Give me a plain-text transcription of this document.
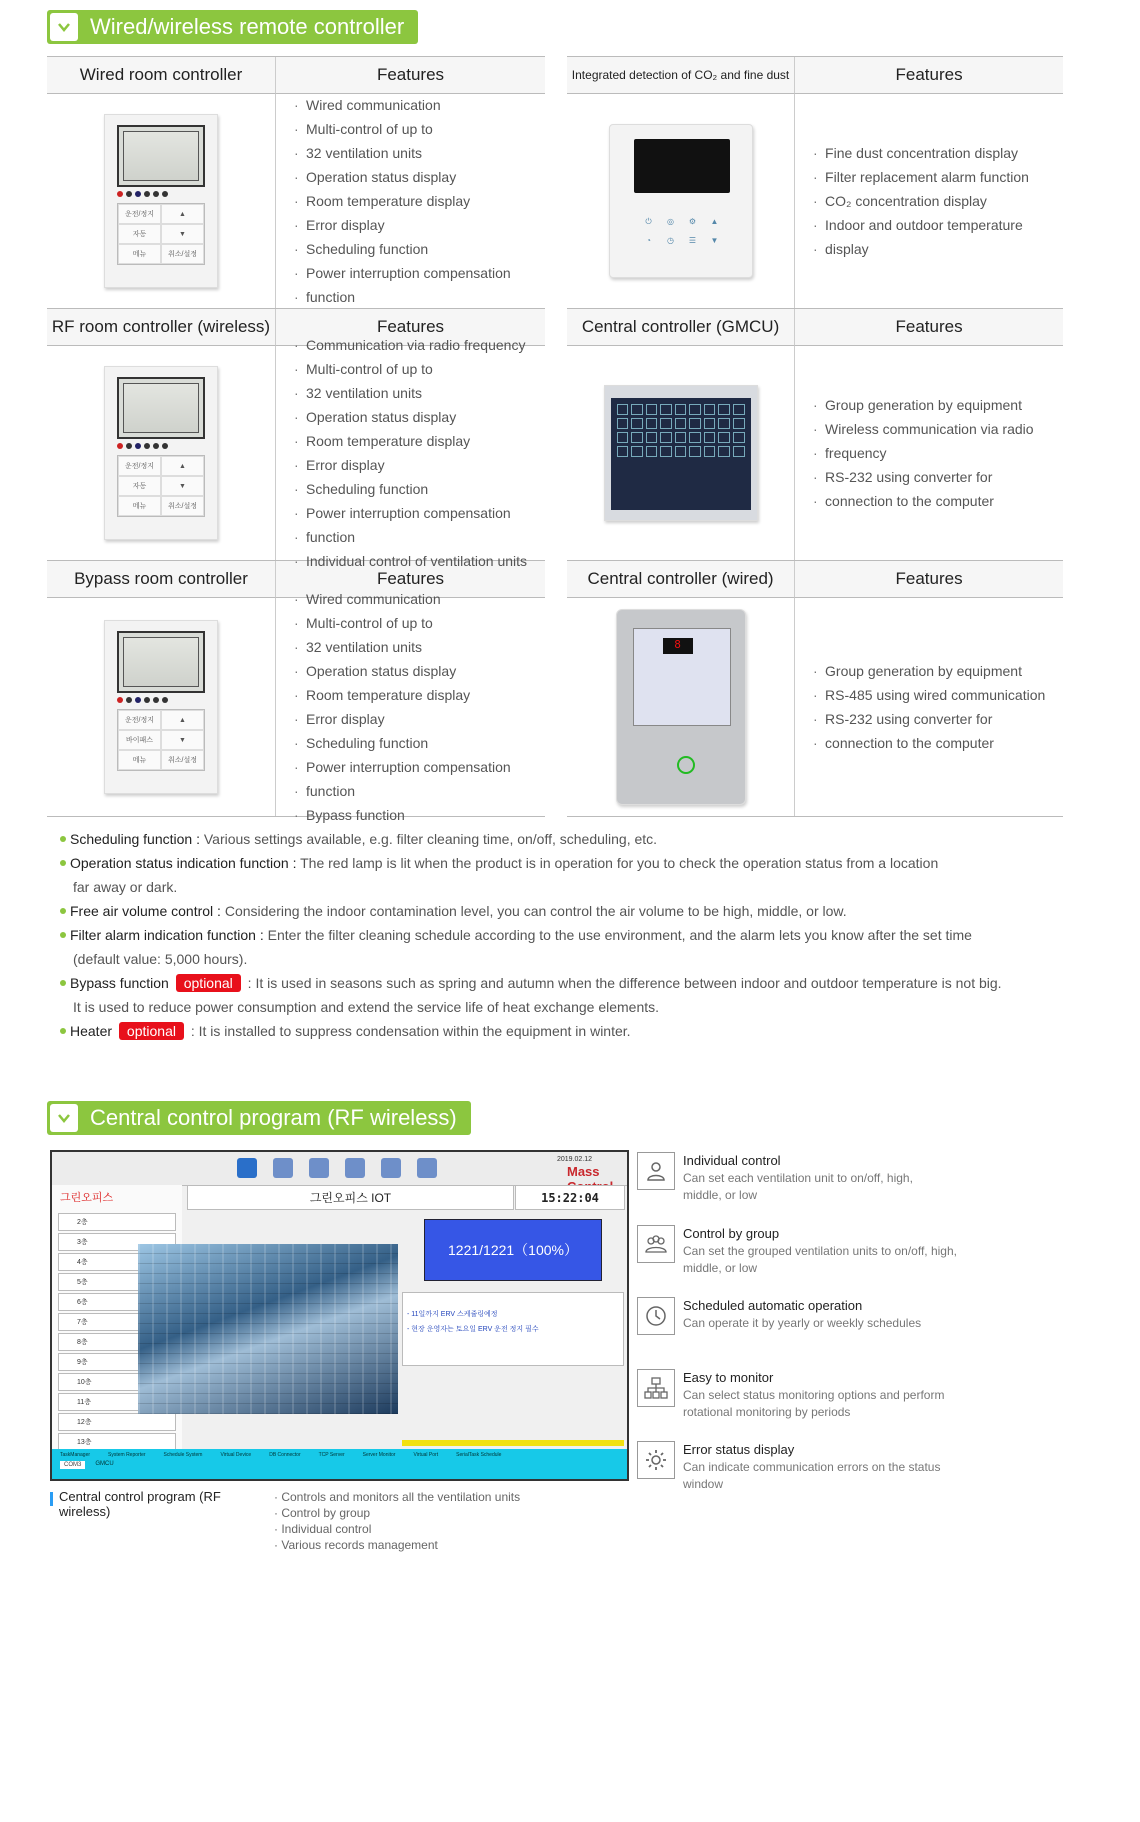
Wired/wireless remote controller
Wired room controller	Features
운전/정지	▲
자동	▼
메뉴	취소/설정
· Wired communication
· Multi-control of up to
· 32 ventilation units
· Operation status display
· Room temperature display
· Error display
· Scheduling function
· Power interruption compensation
· function
RF room controller (wireless)	Features
운전/정지	▲
자동	▼
메뉴	취소/설정
· Communication via radio frequency
· Multi-control of up to
· 32 ventilation units
· Operation status display
· Room temperature display
· Error display
· Scheduling function
· Power interruption compensation
· function
· Individual control of ventilation units
Bypass room controller	Features
운전/정지	▲
바이패스	▼
메뉴	취소/설정
· Wired communication
· Multi-control of up to
· 32 ventilation units
· Operation status display
· Room temperature display
· Error display
· Scheduling function
· Power interruption compensation
· function
· Bypass function
Integrated detection of CO₂ and fine dust	Features
⏻	◎	⚙	▲
◔	◷	☰	▼
· Fine dust concentration display
· Filter replacement alarm function
· CO₂ concentration display
· Indoor and outdoor temperature
· display
Central controller (GMCU)	Features
· Group generation by equipment
· Wireless communication via radio
· frequency
· RS-232 using converter for
· connection to the computer
Central controller (wired)	Features
8
· Group generation by equipment
· RS-485 using wired communication
· RS-232 using converter for
· connection to the computer
Scheduling function : Various settings available, e.g. filter cleaning time, on/off, scheduling, etc.
Operation status indication function : The red lamp is lit when the product is in operation for you to check the operation status from a location
far away or dark.
Free air volume control : Considering the indoor contamination level, you can control the air volume to be high, middle, or low.
Filter alarm indication function : Enter the filter cleaning schedule according to the use environment, and the alarm lets you know after the set time
(default value: 5,000 hours).
Bypass function optional : It is used in seasons such as spring and autumn when the difference between indoor and outdoor temperature is not big.
It is used to reduce power consumption and extend the service life of heat exchange elements.
Heater optional : It is installed to suppress condensation within the equipment in winter.
Central control program (RF wireless)
2019.02.12
Mass
그린오피스
2층
3층
4층
5층
6층
7층
8층
9층
10층
11층
12층
13층
그린오피스 IOT	15:22:04
1221/1221（100%）
- 11일까지 ERV 스케쥴링예정
- 현장 운영자는 토요일 ERV 운전 정지 필수
TaskManager	System Reporter	Schedule System	Virtual Device	DB Connector	TCP Server	Server Monitor	Virtual Port	SerialTask Schedule
COM3	GMCU
Individual control
Can set each ventilation unit to on/off, high,
middle, or low
Control by group
Can set the grouped ventilation units to on/off, high,
middle, or low
Scheduled automatic operation
Can operate it by yearly or weekly schedules
Easy to monitor
Can select status monitoring options and perform
rotational monitoring by periods
Error status display
Can indicate communication errors on the status
window
Central control program (RF wireless)
· Controls and monitors all the ventilation units
· Control by group
· Individual control
· Various records management
